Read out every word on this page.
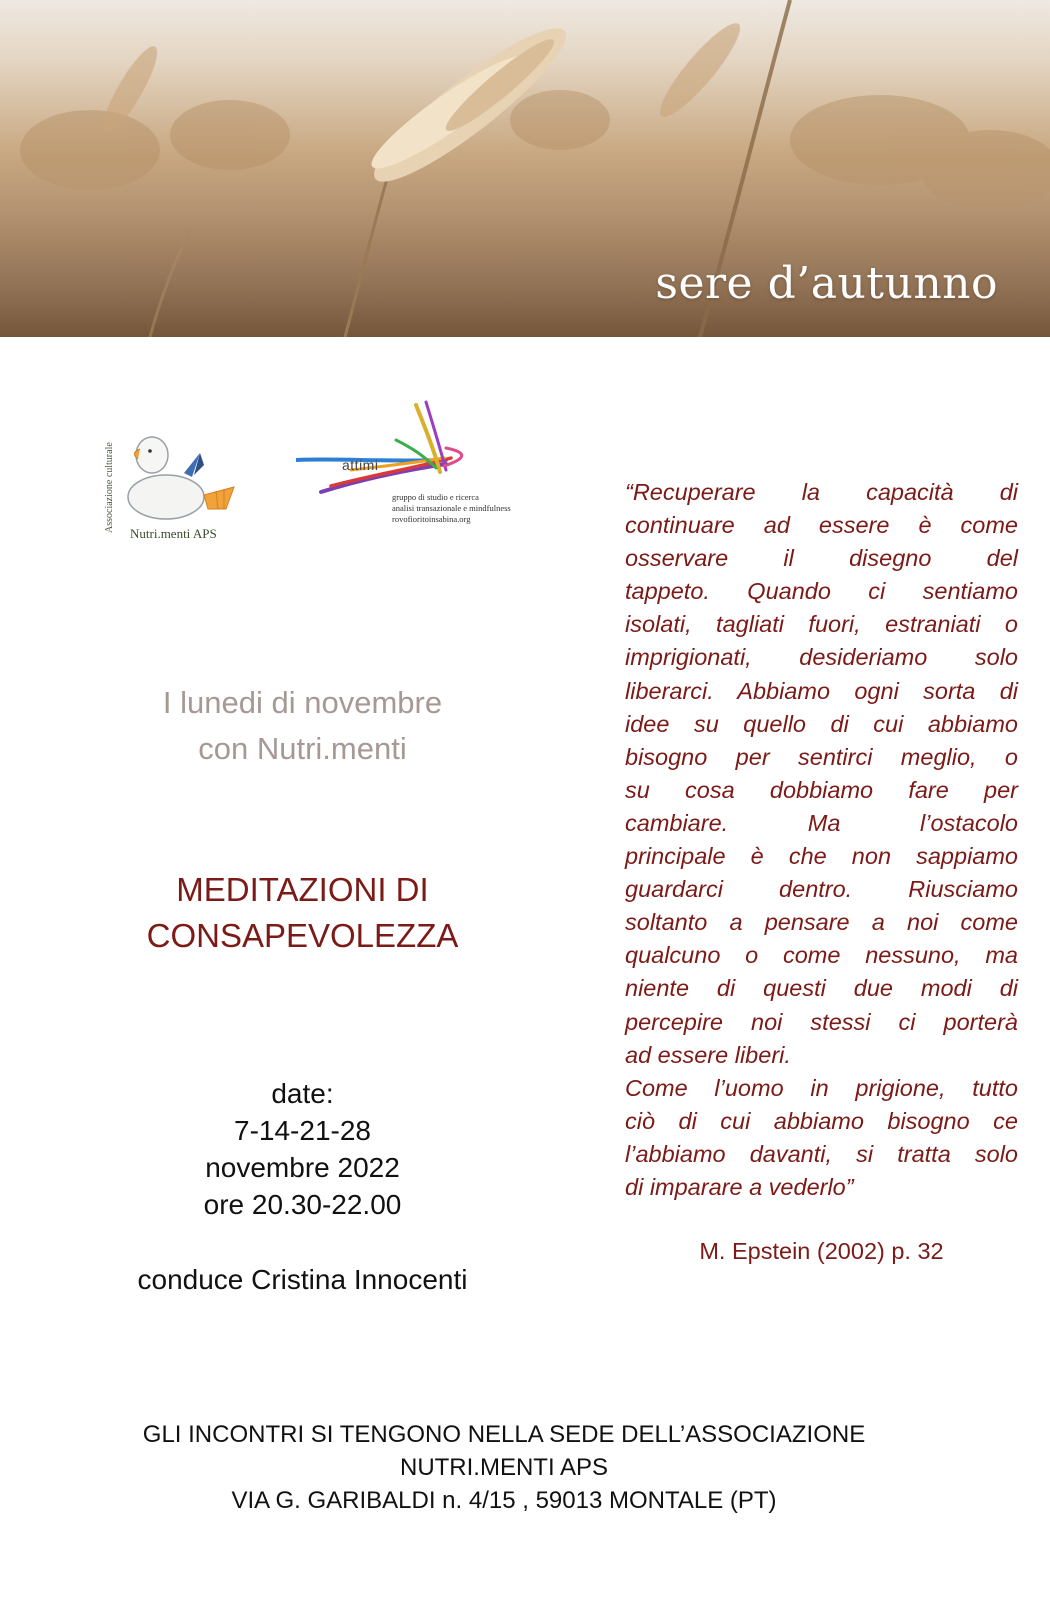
sere d’autunno
Associazione culturale
Nutri.menti APS
attimi
gruppo di studio e ricerca
analisi transazionale e mindfulness
rovofioritoinsabina.org
I lunedi di novembre
con Nutri.menti
MEDITAZIONI DI
CONSAPEVOLEZZA
date:
7-14-21-28
novembre 2022
ore 20.30-22.00
conduce Cristina Innocenti
“Recuperare la capacità di
continuare ad essere è come
osservare il disegno del
tappeto. Quando ci sentiamo
isolati, tagliati fuori, estraniati o
imprigionati, desideriamo solo
liberarci. Abbiamo ogni sorta di
idee su quello di cui abbiamo
bisogno per sentirci meglio, o
su cosa dobbiamo fare per
cambiare. Ma l’ostacolo
principale è che non sappiamo
guardarci dentro. Riusciamo
soltanto a pensare a noi come
qualcuno o come nessuno, ma
niente di questi due modi di
percepire noi stessi ci porterà
ad essere liberi.
Come l’uomo in prigione, tutto
ciò di cui abbiamo bisogno ce
l’abbiamo davanti, si tratta solo
di imparare a vederlo”
M. Epstein (2002) p. 32
GLI INCONTRI SI TENGONO NELLA SEDE DELL’ASSOCIAZIONE
NUTRI.MENTI APS
VIA G. GARIBALDI n. 4/15 , 59013 MONTALE (PT)
